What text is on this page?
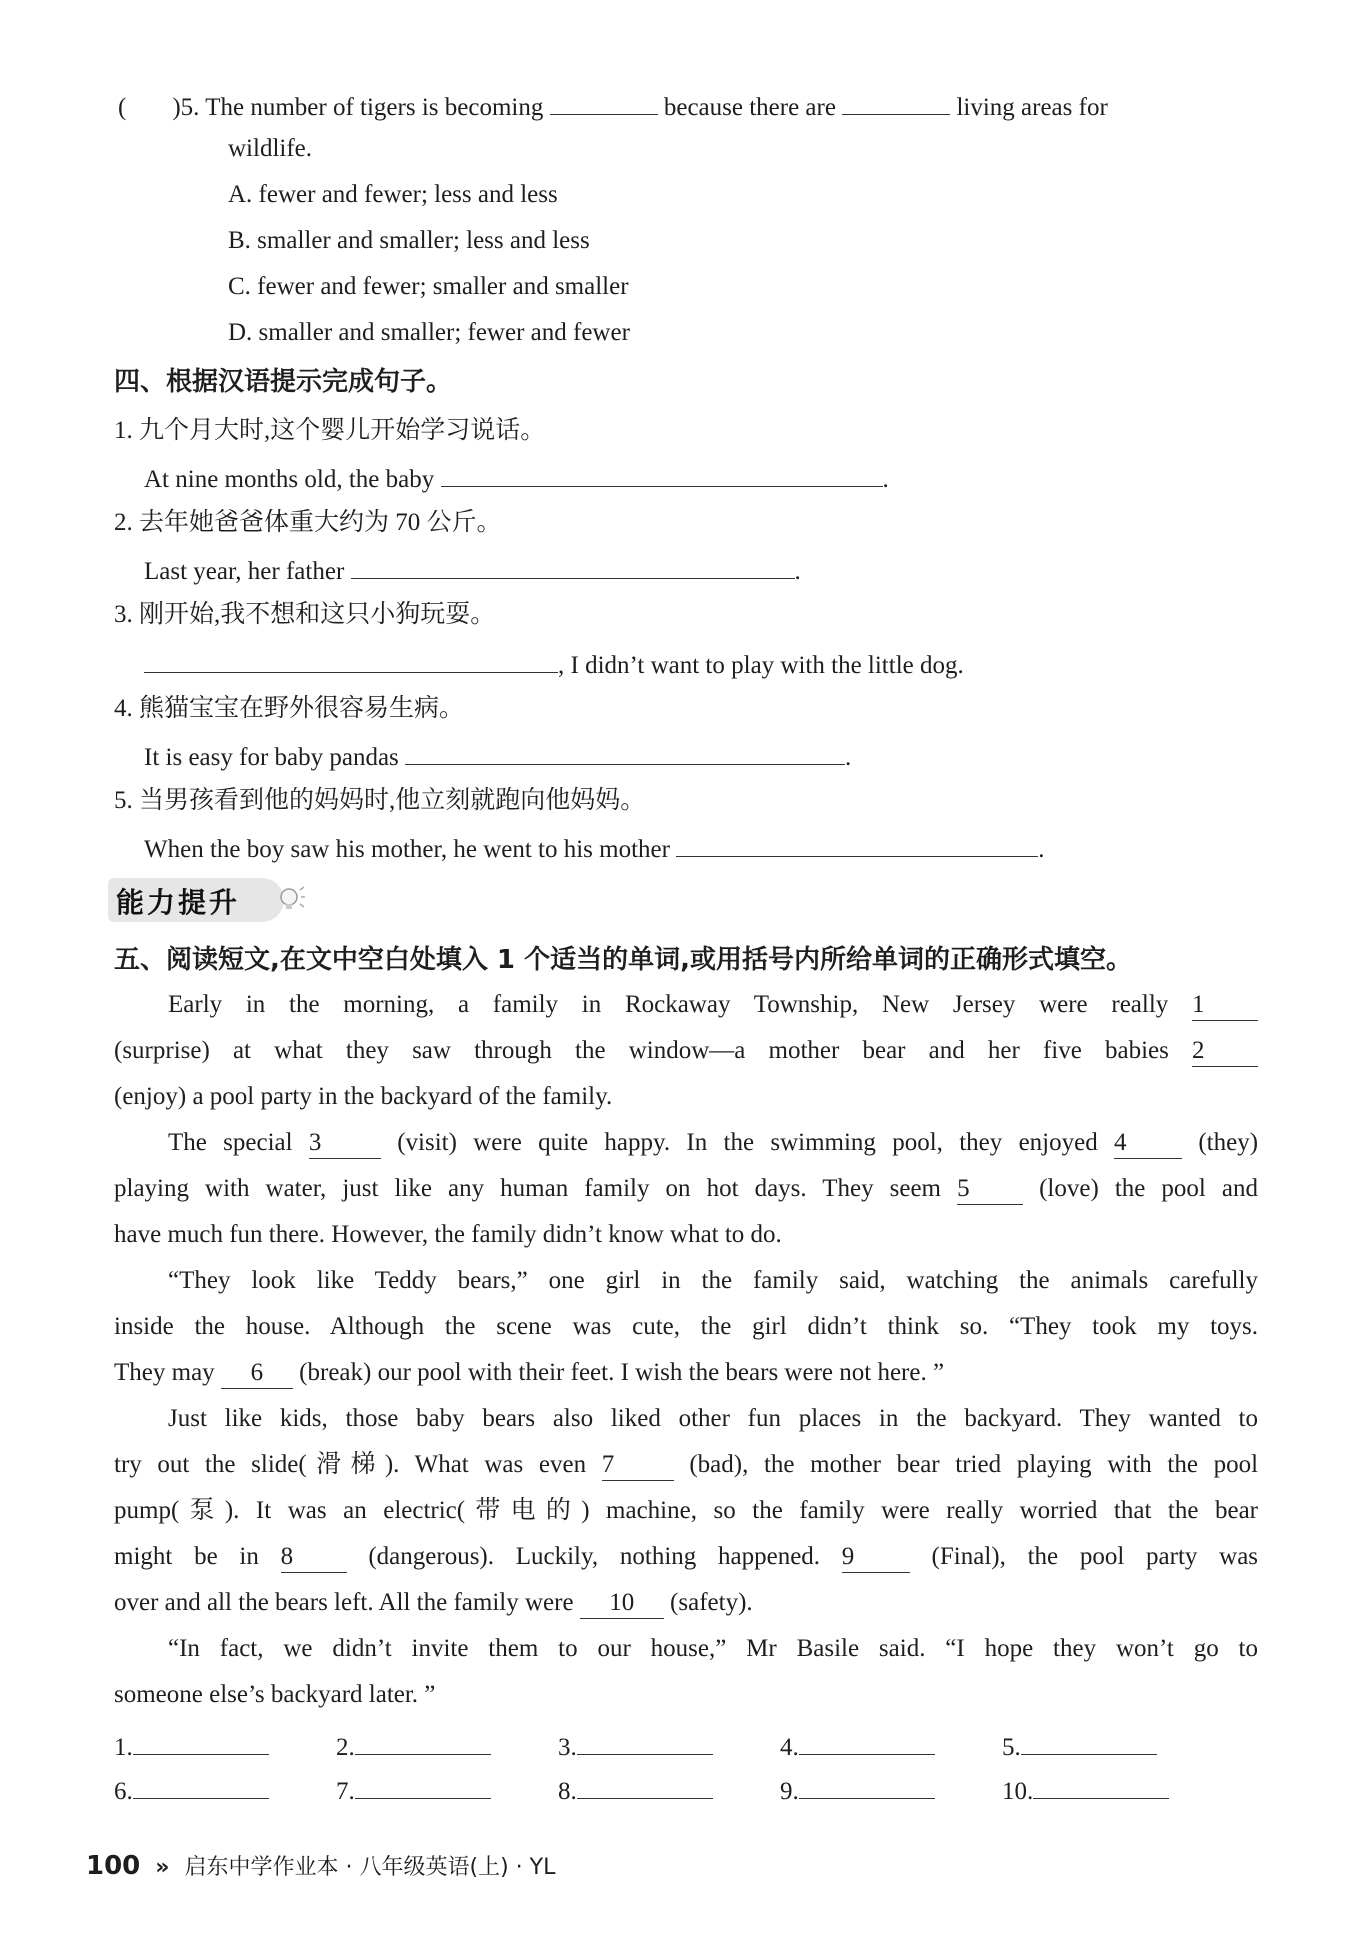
( )5. The number of tigers is becoming	because there are	living areas for
wildlife.
A. fewer and fewer; less and less
B. smaller and smaller; less and less
C. fewer and fewer; smaller and smaller
D. smaller and smaller; fewer and fewer
四、根据汉语提示完成句子。
1. 九个月大时,这个婴儿开始学习说话。
At nine months old, the baby	.
2. 去年她爸爸体重大约为 70 公斤。
Last year, her father	.
3. 刚开始,我不想和这只小狗玩耍。
, I didn’t want to play with the little dog.
4. 熊猫宝宝在野外很容易生病。
It is easy for baby pandas	.
5. 当男孩看到他的妈妈时,他立刻就跑向他妈妈。
When the boy saw his mother, he went to his mother	.
能力提升
五、阅读短文,在文中空白处填入 1 个适当的单词,或用括号内所给单词的正确形式填空。
Early in the morning, a family in Rockaway Township, New Jersey were really 1
(surprise) at what they saw through the window—a mother bear and her five babies 2
(enjoy) a pool party in the backyard of the family.
The special 3	(visit) were quite happy. In the swimming pool, they enjoyed 4	(they)
playing with water, just like any human family on hot days. They seem 5	(love) the pool and
have much fun there. However, the family didn’t know what to do.
“They look like Teddy bears,” one girl in the family said, watching the animals carefully
inside the house. Although the scene was cute, the girl didn’t think so. “They took my toys.
They may 6 (break) our pool with their feet. I wish the bears were not here. ”
Just like kids, those baby bears also liked other fun places in the backyard. They wanted to
try out the slide(滑梯). What was even 7	(bad), the mother bear tried playing with the pool
pump(泵). It was an electric(带电的) machine, so the family were really worried that the bear
might be in 8	(dangerous). Luckily, nothing happened. 9	(Final), the pool party was
over and all the bears left. All the family were 10 (safety).
“In fact, we didn’t invite them to our house,” Mr Basile said. “I hope they won’t go to
someone else’s backyard later. ”
1.	2.	3.	4.	5.
6.	7.	8.	9.	10.
100 » 启东中学作业本 · 八年级英语(上) · YL
